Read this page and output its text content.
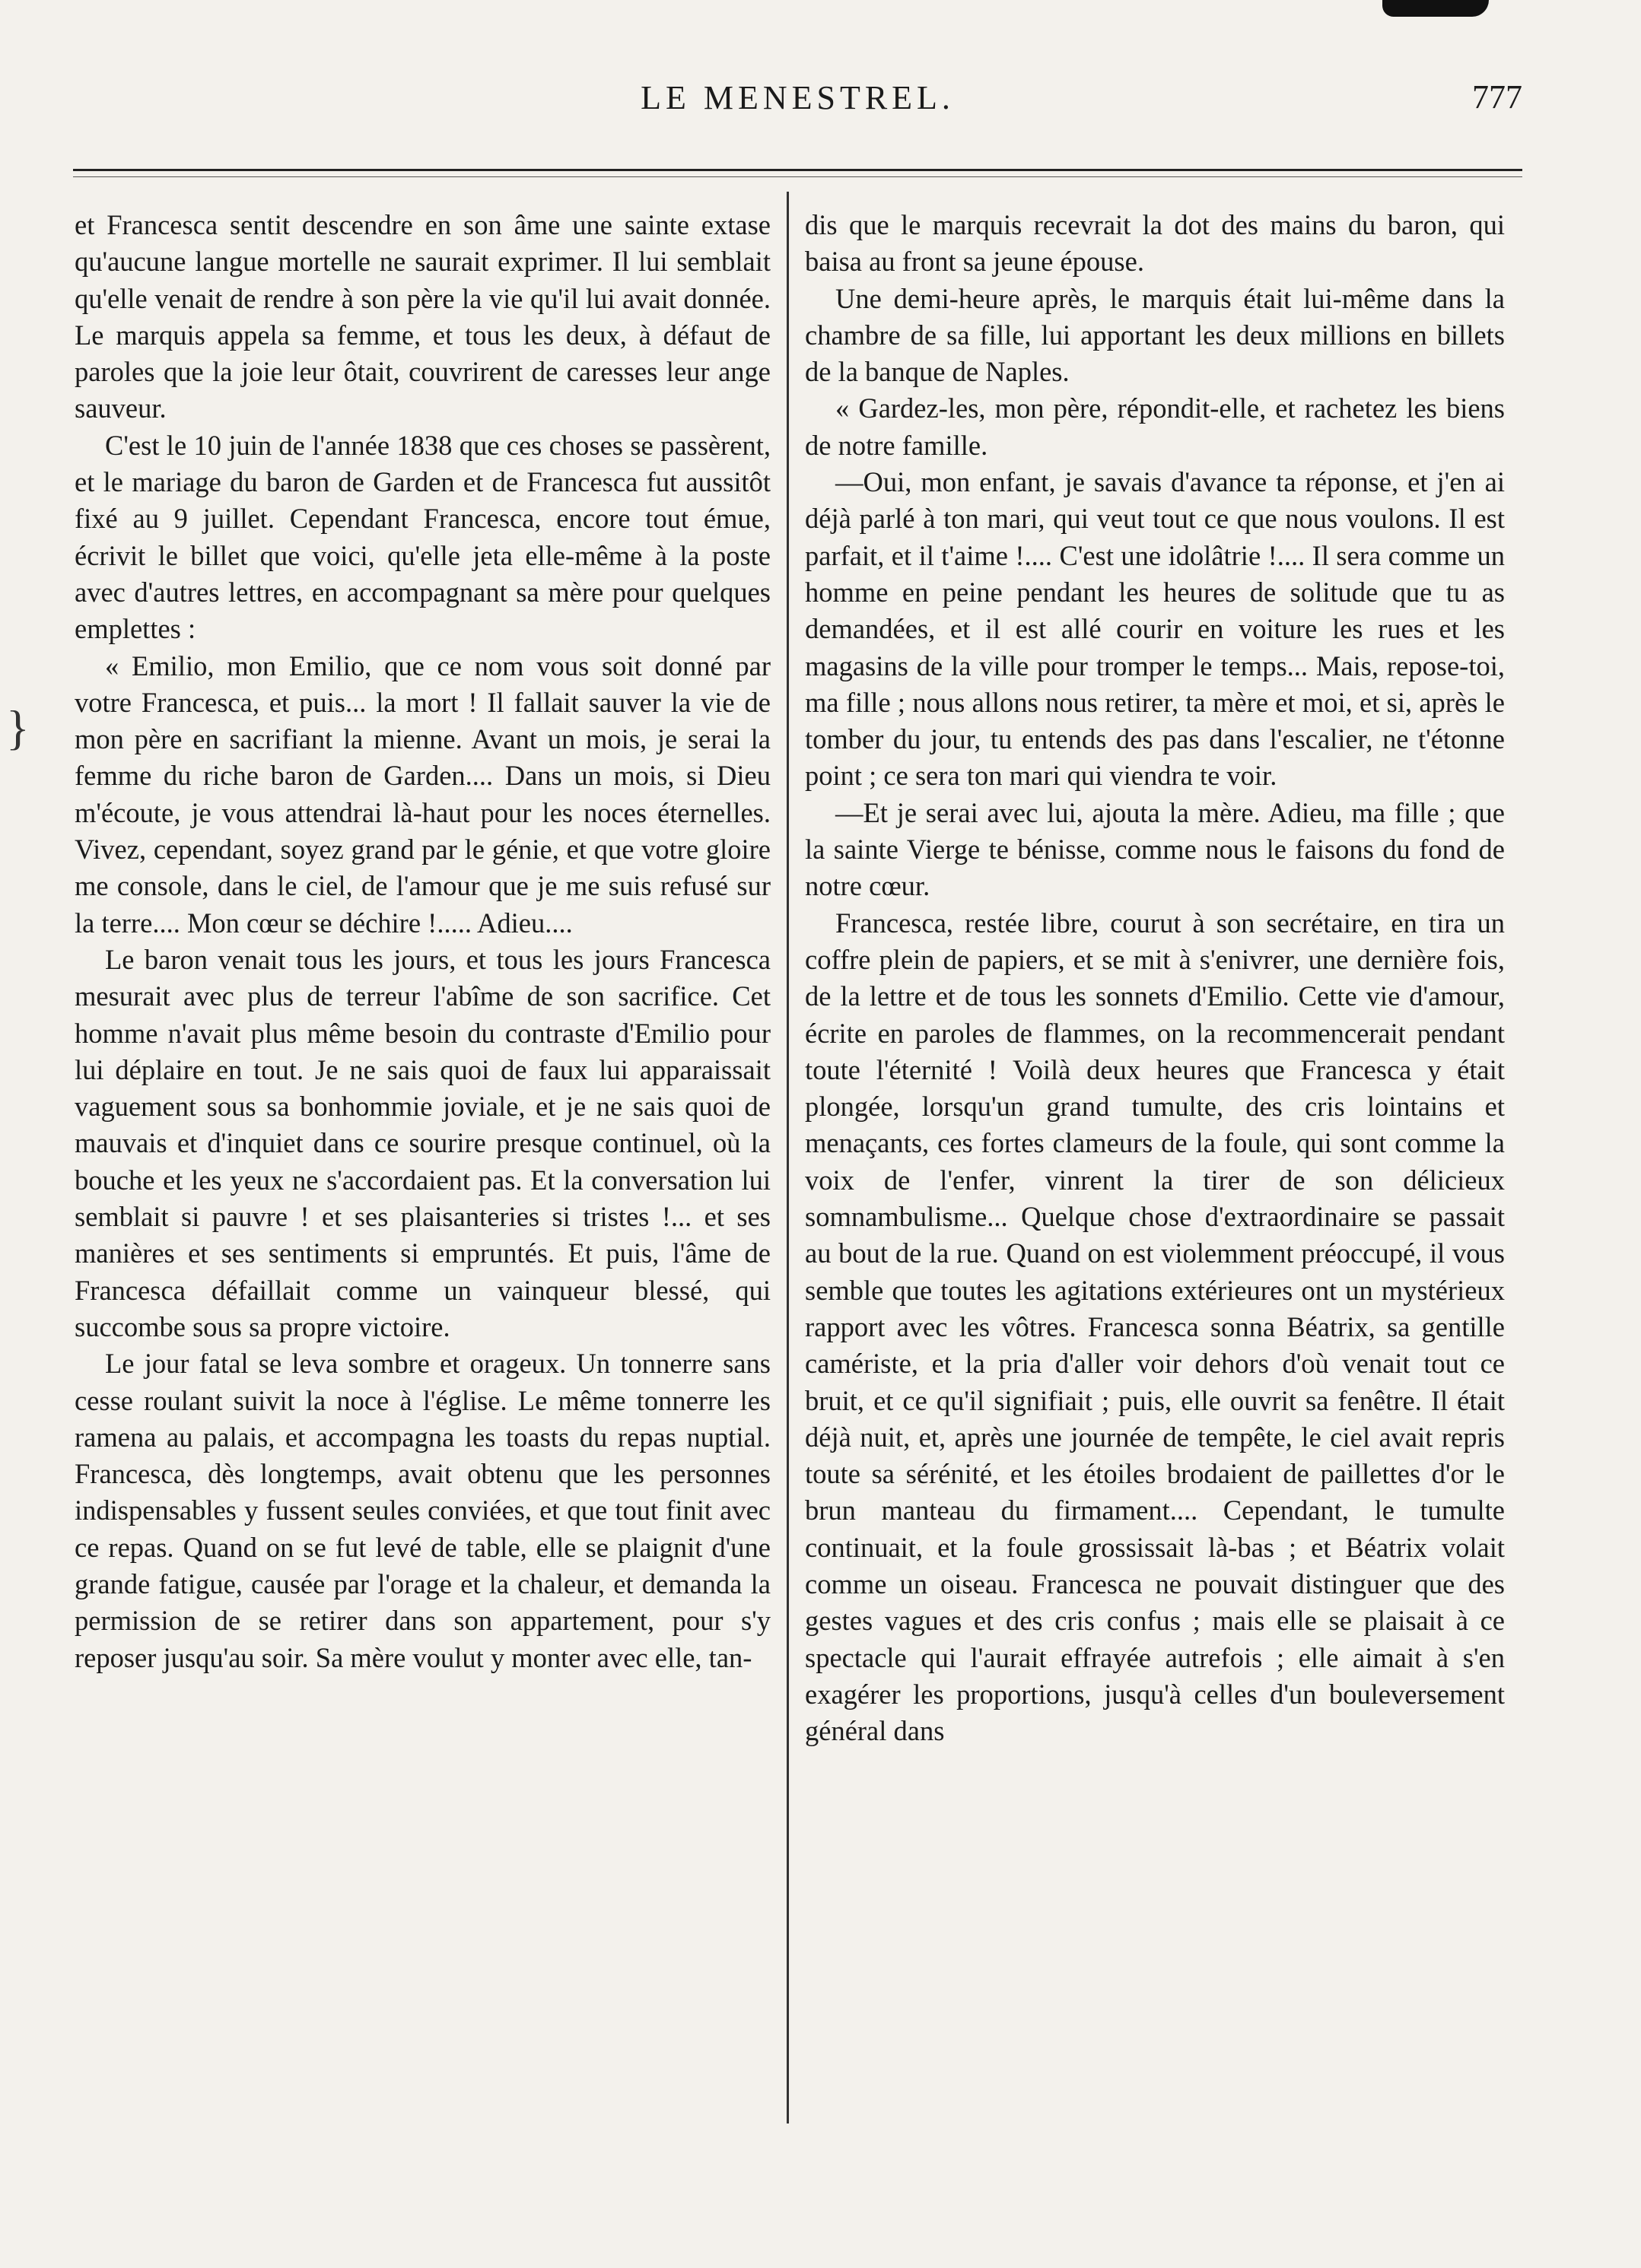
}
LE MENESTREL.	777

et Francesca sentit descendre en son âme une sainte extase qu'aucune langue mortelle ne saurait exprimer. Il lui semblait qu'elle venait de rendre à son père la vie qu'il lui avait donnée. Le marquis appela sa femme, et tous les deux, à défaut de paroles que la joie leur ôtait, couvrirent de caresses leur ange sauveur.

C'est le 10 juin de l'année 1838 que ces choses se passèrent, et le mariage du baron de Garden et de Francesca fut aussitôt fixé au 9 juillet. Cependant Francesca, encore tout émue, écrivit le billet que voici, qu'elle jeta elle-même à la poste avec d'autres lettres, en accompagnant sa mère pour quelques emplettes :

« Emilio, mon Emilio, que ce nom vous soit donné par votre Francesca, et puis... la mort ! Il fallait sauver la vie de mon père en sacrifiant la mienne. Avant un mois, je serai la femme du riche baron de Garden.... Dans un mois, si Dieu m'écoute, je vous attendrai là-haut pour les noces éternelles. Vivez, cependant, soyez grand par le génie, et que votre gloire me console, dans le ciel, de l'amour que je me suis refusé sur la terre.... Mon cœur se déchire !..... Adieu....

Le baron venait tous les jours, et tous les jours Francesca mesurait avec plus de terreur l'abîme de son sacrifice. Cet homme n'avait plus même besoin du contraste d'Emilio pour lui déplaire en tout. Je ne sais quoi de faux lui apparaissait vaguement sous sa bonhommie joviale, et je ne sais quoi de mauvais et d'inquiet dans ce sourire presque continuel, où la bouche et les yeux ne s'accordaient pas. Et la conversation lui semblait si pauvre ! et ses plaisanteries si tristes !... et ses manières et ses sentiments si empruntés. Et puis, l'âme de Francesca défaillait comme un vainqueur blessé, qui succombe sous sa propre victoire.

Le jour fatal se leva sombre et orageux. Un tonnerre sans cesse roulant suivit la noce à l'église. Le même tonnerre les ramena au palais, et accompagna les toasts du repas nuptial. Francesca, dès longtemps, avait obtenu que les personnes indispensables y fussent seules conviées, et que tout finit avec ce repas. Quand on se fut levé de table, elle se plaignit d'une grande fatigue, causée par l'orage et la chaleur, et demanda la permission de se retirer dans son appartement, pour s'y reposer jusqu'au soir. Sa mère voulut y monter avec elle, tan-

dis que le marquis recevrait la dot des mains du baron, qui baisa au front sa jeune épouse.

Une demi-heure après, le marquis était lui-même dans la chambre de sa fille, lui apportant les deux millions en billets de la banque de Naples.

« Gardez-les, mon père, répondit-elle, et rachetez les biens de notre famille.

—Oui, mon enfant, je savais d'avance ta réponse, et j'en ai déjà parlé à ton mari, qui veut tout ce que nous voulons. Il est parfait, et il t'aime !.... C'est une idolâtrie !.... Il sera comme un homme en peine pendant les heures de solitude que tu as demandées, et il est allé courir en voiture les rues et les magasins de la ville pour tromper le temps... Mais, repose-toi, ma fille ; nous allons nous retirer, ta mère et moi, et si, après le tomber du jour, tu entends des pas dans l'escalier, ne t'étonne point ; ce sera ton mari qui viendra te voir.

—Et je serai avec lui, ajouta la mère. Adieu, ma fille ; que la sainte Vierge te bénisse, comme nous le faisons du fond de notre cœur.

Francesca, restée libre, courut à son secrétaire, en tira un coffre plein de papiers, et se mit à s'enivrer, une dernière fois, de la lettre et de tous les sonnets d'Emilio. Cette vie d'amour, écrite en paroles de flammes, on la recommencerait pendant toute l'éternité ! Voilà deux heures que Francesca y était plongée, lorsqu'un grand tumulte, des cris lointains et menaçants, ces fortes clameurs de la foule, qui sont comme la voix de l'enfer, vinrent la tirer de son délicieux somnambulisme... Quelque chose d'extraordinaire se passait au bout de la rue. Quand on est violemment préoccupé, il vous semble que toutes les agitations extérieures ont un mystérieux rapport avec les vôtres. Francesca sonna Béatrix, sa gentille camériste, et la pria d'aller voir dehors d'où venait tout ce bruit, et ce qu'il signifiait ; puis, elle ouvrit sa fenêtre. Il était déjà nuit, et, après une journée de tempête, le ciel avait repris toute sa sérénité, et les étoiles brodaient de paillettes d'or le brun manteau du firmament.... Cependant, le tumulte continuait, et la foule grossissait là-bas ; et Béatrix volait comme un oiseau. Francesca ne pouvait distinguer que des gestes vagues et des cris confus ; mais elle se plaisait à ce spectacle qui l'aurait effrayée autrefois ; elle aimait à s'en exagérer les proportions, jusqu'à celles d'un bouleversement général dans
